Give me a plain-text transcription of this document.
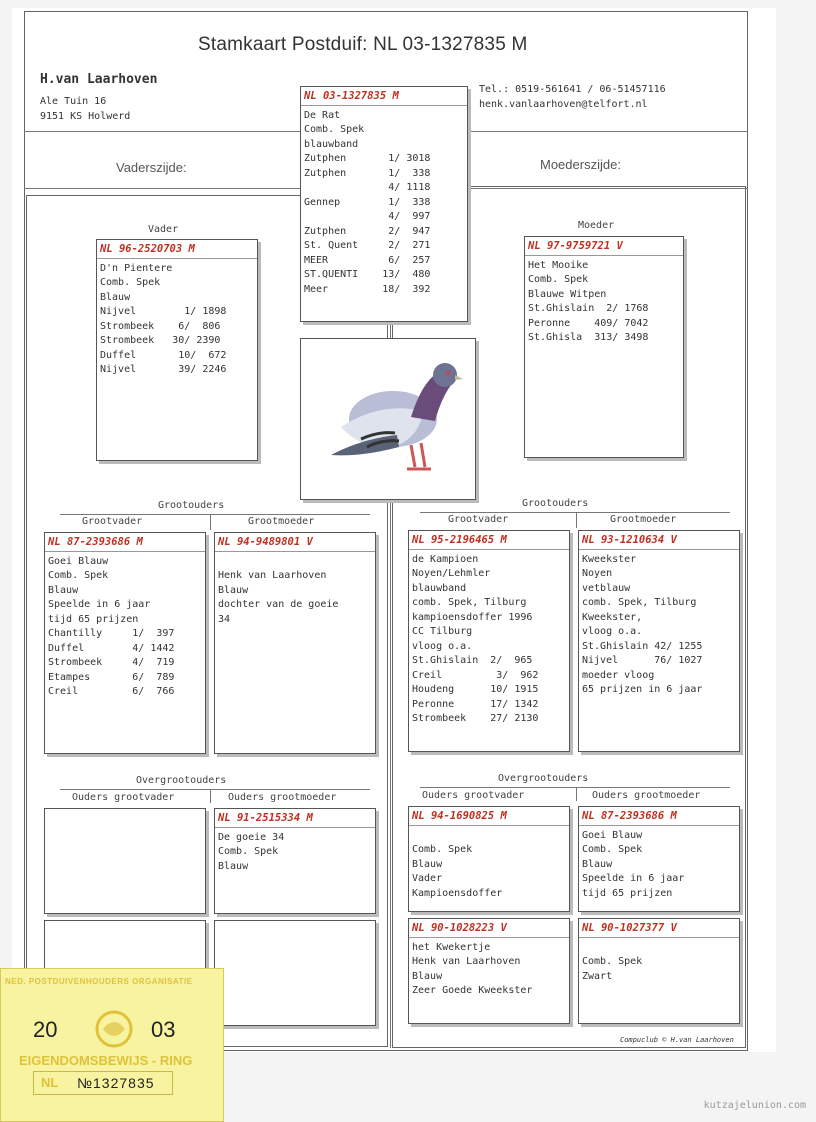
Stamkaart Postduif: NL 03-1327835 M
H.van Laarhoven
Ale Tuin 16
9151 KS Holwerd
Tel.: 0519-561641 / 06-51457116
henk.vanlaarhoven@telfort.nl
Vaderszijde:	Moederszijde:
NL 03-1327835 M
De Rat
Comb. Spek
blauwband
Zutphen       1/ 3018
Zutphen       1/  338
4/ 1118
Gennep        1/  338
4/  997
Zutphen       2/  947
St. Quent     2/  271
MEER          6/  257
ST.QUENTI    13/  480
Meer         18/  392
Vader
NL 96-2520703 M
D'n Pientere
Comb. Spek
Blauw
Nijvel        1/ 1898
Strombeek    6/  806
Strombeek   30/ 2390
Duffel       10/  672
Nijvel       39/ 2246
Moeder
NL 97-9759721 V
Het Mooike
Comb. Spek
Blauwe Witpen
St.Ghislain  2/ 1768
Peronne    409/ 7042
St.Ghisla  313/ 3498
Grootouders
Grootvader	Grootmoeder
NL 87-2393686 M
Goei Blauw
Comb. Spek
Blauw
Speelde in 6 jaar
tijd 65 prijzen
Chantilly     1/  397
Duffel        4/ 1442
Strombeek     4/  719
Etampes       6/  789
Creil         6/  766
NL 94-9489801 V

Henk van Laarhoven
Blauw
dochter van de goeie
34
Grootouders
Grootvader	Grootmoeder
NL 95-2196465 M
de Kampioen
Noyen/Lehmler
blauwband
comb. Spek, Tilburg
kampioensdoffer 1996
CC Tilburg
vloog o.a.
St.Ghislain  2/  965
Creil         3/  962
Houdeng      10/ 1915
Peronne      17/ 1342
Strombeek    27/ 2130
NL 93-1210634 V
Kweekster
Noyen
vetblauw
comb. Spek, Tilburg
Kweekster,
vloog o.a.
St.Ghislain 42/ 1255
Nijvel      76/ 1027
moeder vloog
65 prijzen in 6 jaar
Overgrootouders
Ouders grootvader	Ouders grootmoeder
NL 91-2515334 M
De goeie 34
Comb. Spek
Blauw
Overgrootouders
Ouders grootvader	Ouders grootmoeder
NL 94-1690825 M

Comb. Spek
Blauw
Vader
Kampioensdoffer
NL 87-2393686 M
Goei Blauw
Comb. Spek
Blauw
Speelde in 6 jaar
tijd 65 prijzen
NL 90-1028223 V
het Kwekertje
Henk van Laarhoven
Blauw
Zeer Goede Kweekster
NL 90-1027377 V

Comb. Spek
Zwart
Compuclub © H.van Laarhoven
NED. POSTDUIVENHOUDERS ORGANISATIE
20	03
EIGENDOMSBEWIJS - RING
NL №1327835
kutzajelunion.com
